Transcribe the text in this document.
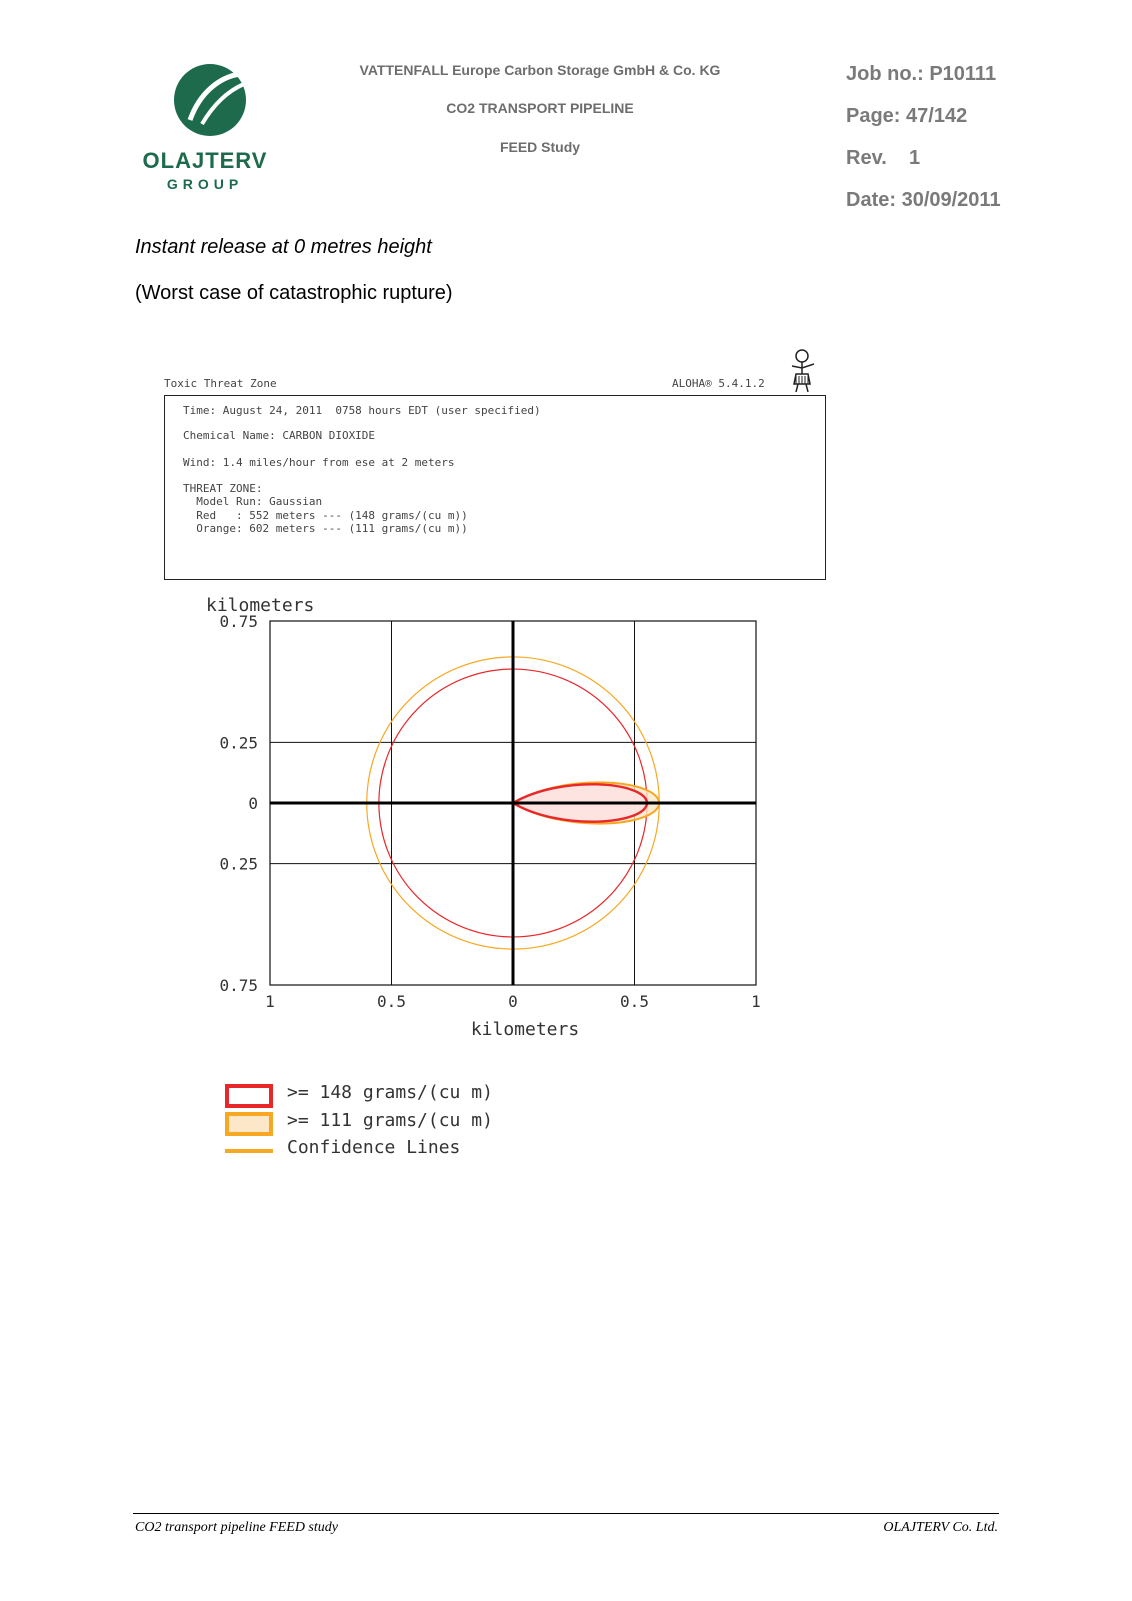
OLAJTERV
GROUP
VATTENFALL Europe Carbon Storage GmbH & Co. KG
CO2 TRANSPORT PIPELINE
FEED Study
Job no.: P10111
Page: 47/142
Rev.    1
Date: 30/09/2011
Instant release at 0 metres height
(Worst case of catastrophic rupture)
Toxic Threat Zone	ALOHA® 5.4.1.2
Time: August 24, 2011  0758 hours EDT (user specified)
Chemical Name: CARBON DIOXIDE
Wind: 1.4 miles/hour from ese at 2 meters
THREAT ZONE:
Model Run: Gaussian
Red   : 552 meters --- (148 grams/(cu m))
Orange: 602 meters --- (111 grams/(cu m))
1	0.5	0	0.5	1
0.75
0.25
0
0.25
0.75
kilometers
kilometers
>= 148 grams/(cu m)
>= 111 grams/(cu m)
Confidence Lines
CO2 transport pipeline FEED study	OLAJTERV Co. Ltd.
